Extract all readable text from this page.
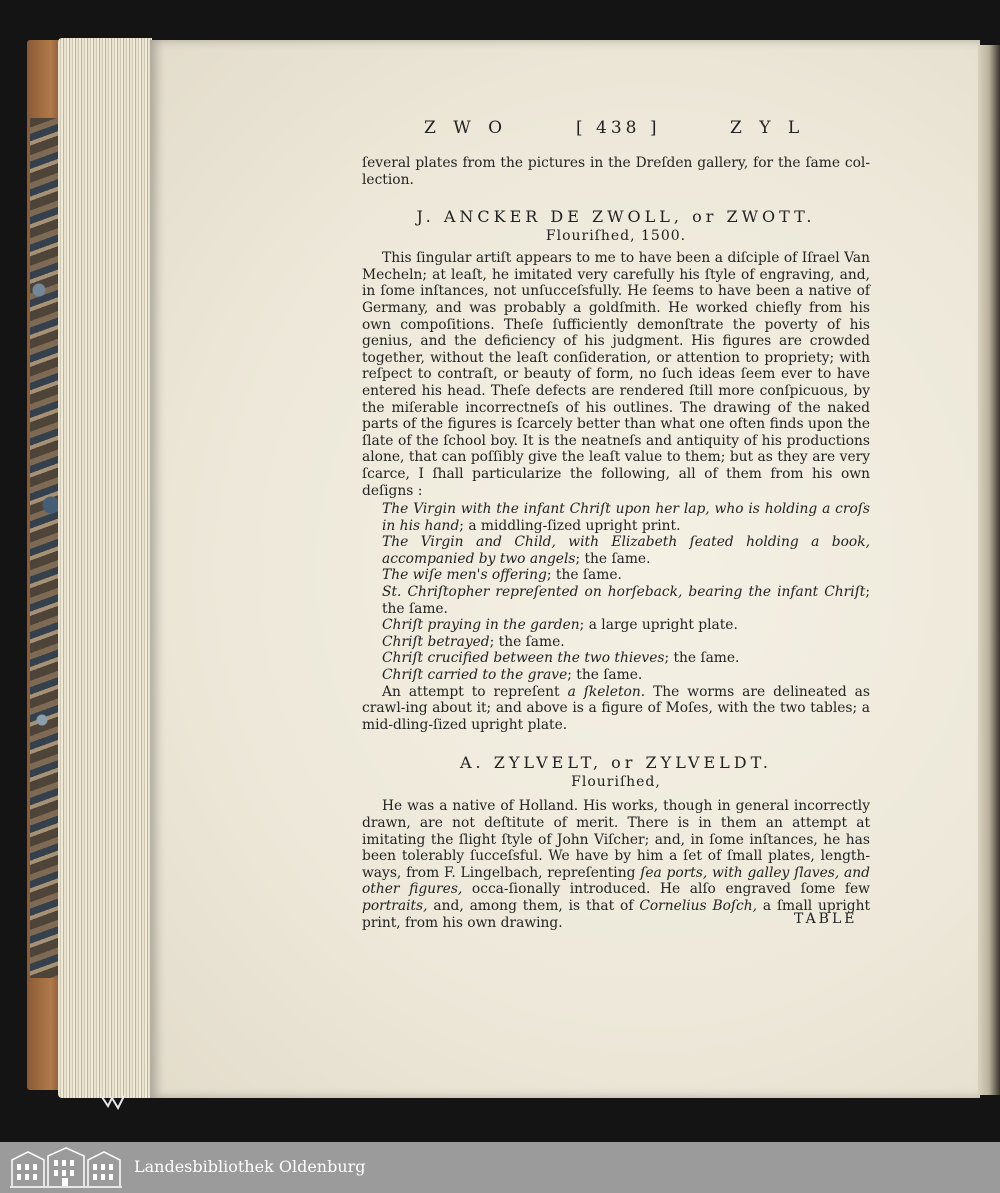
Z W O	[ 438 ]	Z Y L

ſeveral plates from the pictures in the Dreſden gallery, for the ſame col-lection.

J. ANCKER DE ZWOLL, or ZWOTT.

Flouriſhed, 1500.

This ſingular artiſt appears to me to have been a diſciple of Iſrael Van Mecheln; at leaſt, he imitated very carefully his ſtyle of engraving, and, in ſome inſtances, not unſucceſsfully. He ſeems to have been a native of Germany, and was probably a goldſmith. He worked chiefly from his own compoſitions. Theſe ſufficiently demonſtrate the poverty of his genius, and the deficiency of his judgment. His figures are crowded together, without the leaſt conſideration, or attention to propriety; with reſpect to contraſt, or beauty of form, no ſuch ideas ſeem ever to have entered his head. Theſe defects are rendered ſtill more conſpicuous, by the miſerable incorrectneſs of his outlines. The drawing of the naked parts of the figures is ſcarcely better than what one often finds upon the ſlate of the ſchool boy. It is the neatneſs and antiquity of his productions alone, that can poſſibly give the leaſt value to them; but as they are very ſcarce, I ſhall particularize the following, all of them from his own deſigns :

The Virgin with the infant Chriſt upon her lap, who is holding a croſs in his hand; a middling-ſized upright print.

The Virgin and Child, with Elizabeth ſeated holding a book, accompanied by two angels; the ſame.

The wiſe men's offering; the ſame.

St. Chriſtopher repreſented on horſeback, bearing the infant Chriſt; the ſame.

Chriſt praying in the garden; a large upright plate.

Chriſt betrayed; the ſame.

Chriſt crucified between the two thieves; the ſame.

Chriſt carried to the grave; the ſame.

An attempt to repreſent a ſkeleton. The worms are delineated as crawl-ing about it; and above is a figure of Moſes, with the two tables; a mid-dling-ſized upright plate.

A. ZYLVELT, or ZYLVELDT.

Flouriſhed,

He was a native of Holland. His works, though in general incorrectly drawn, are not deſtitute of merit. There is in them an attempt at imitating the ſlight ſtyle of John Viſcher; and, in ſome inſtances, he has been tolerably ſucceſsful. We have by him a ſet of ſmall plates, length-ways, from F. Lingelbach, repreſenting ſea ports, with galley ſlaves, and other figures, occa-ſionally introduced. He alſo engraved ſome few portraits, and, among them, is that of Cornelius Boſch, a ſmall upright print, from his own drawing.	TABLE
Landesbibliothek Oldenburg
